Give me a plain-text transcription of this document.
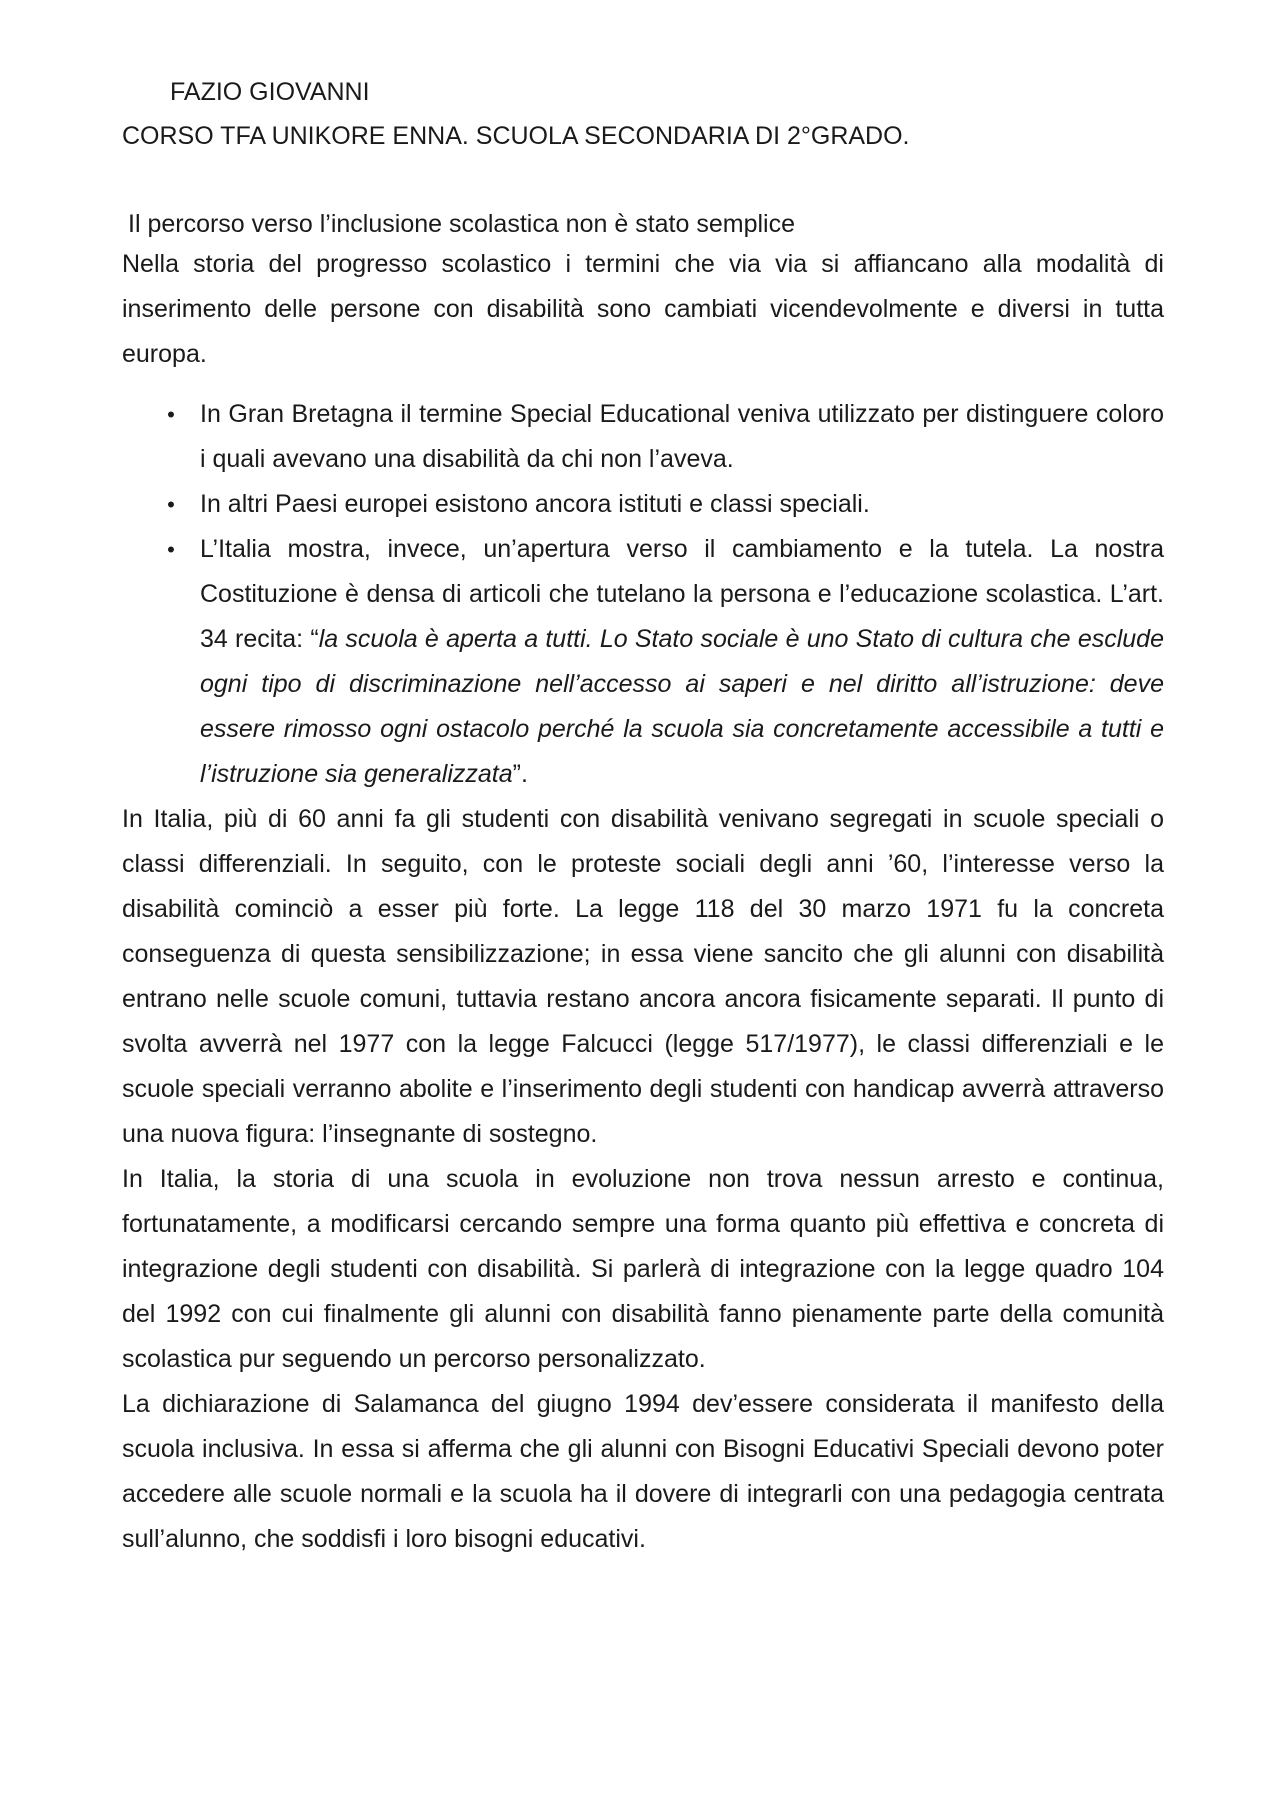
FAZIO GIOVANNI
CORSO TFA UNIKORE ENNA. SCUOLA SECONDARIA DI 2°GRADO.
Il percorso verso l’inclusione scolastica non è stato semplice

Nella storia del progresso scolastico i termini che via via si affiancano alla modalità di inserimento delle persone con disabilità sono cambiati vicendevolmente e diversi in tutta europa.

• In Gran Bretagna il termine Special Educational veniva utilizzato per distinguere coloro i quali avevano una disabilità da chi non l’aveva.
• In altri Paesi europei esistono ancora istituti e classi speciali.
• L’Italia mostra, invece, un’apertura verso il cambiamento e la tutela. La nostra Costituzione è densa di articoli che tutelano la persona e l’educazione scolastica. L’art. 34 recita: “la scuola è aperta a tutti. Lo Stato sociale è uno Stato di cultura che esclude ogni tipo di discriminazione nell’accesso ai saperi e nel diritto all’istruzione: deve essere rimosso ogni ostacolo perché la scuola sia concretamente accessibile a tutti e l’istruzione sia generalizzata”.

In Italia, più di 60 anni fa gli studenti con disabilità venivano segregati in scuole speciali o classi differenziali. In seguito, con le proteste sociali degli anni ’60, l’interesse verso la disabilità cominciò a esser più forte. La legge 118 del 30 marzo 1971 fu la concreta conseguenza di questa sensibilizzazione; in essa viene sancito che gli alunni con disabilità entrano nelle scuole comuni, tuttavia restano ancora ancora fisicamente separati. Il punto di svolta avverrà nel 1977 con la legge Falcucci (legge 517/1977), le classi differenziali e le scuole speciali verranno abolite e l’inserimento degli studenti con handicap avverrà attraverso una nuova figura: l’insegnante di sostegno.

In Italia, la storia di una scuola in evoluzione non trova nessun arresto e continua, fortunatamente, a modificarsi cercando sempre una forma quanto più effettiva e concreta di integrazione degli studenti con disabilità. Si parlerà di integrazione con la legge quadro 104 del 1992 con cui finalmente gli alunni con disabilità fanno pienamente parte della comunità scolastica pur seguendo un percorso personalizzato.

La dichiarazione di Salamanca del giugno 1994 dev’essere considerata il manifesto della scuola inclusiva. In essa si afferma che gli alunni con Bisogni Educativi Speciali devono poter accedere alle scuole normali e la scuola ha il dovere di integrarli con una pedagogia centrata sull’alunno, che soddisfi i loro bisogni educativi.
